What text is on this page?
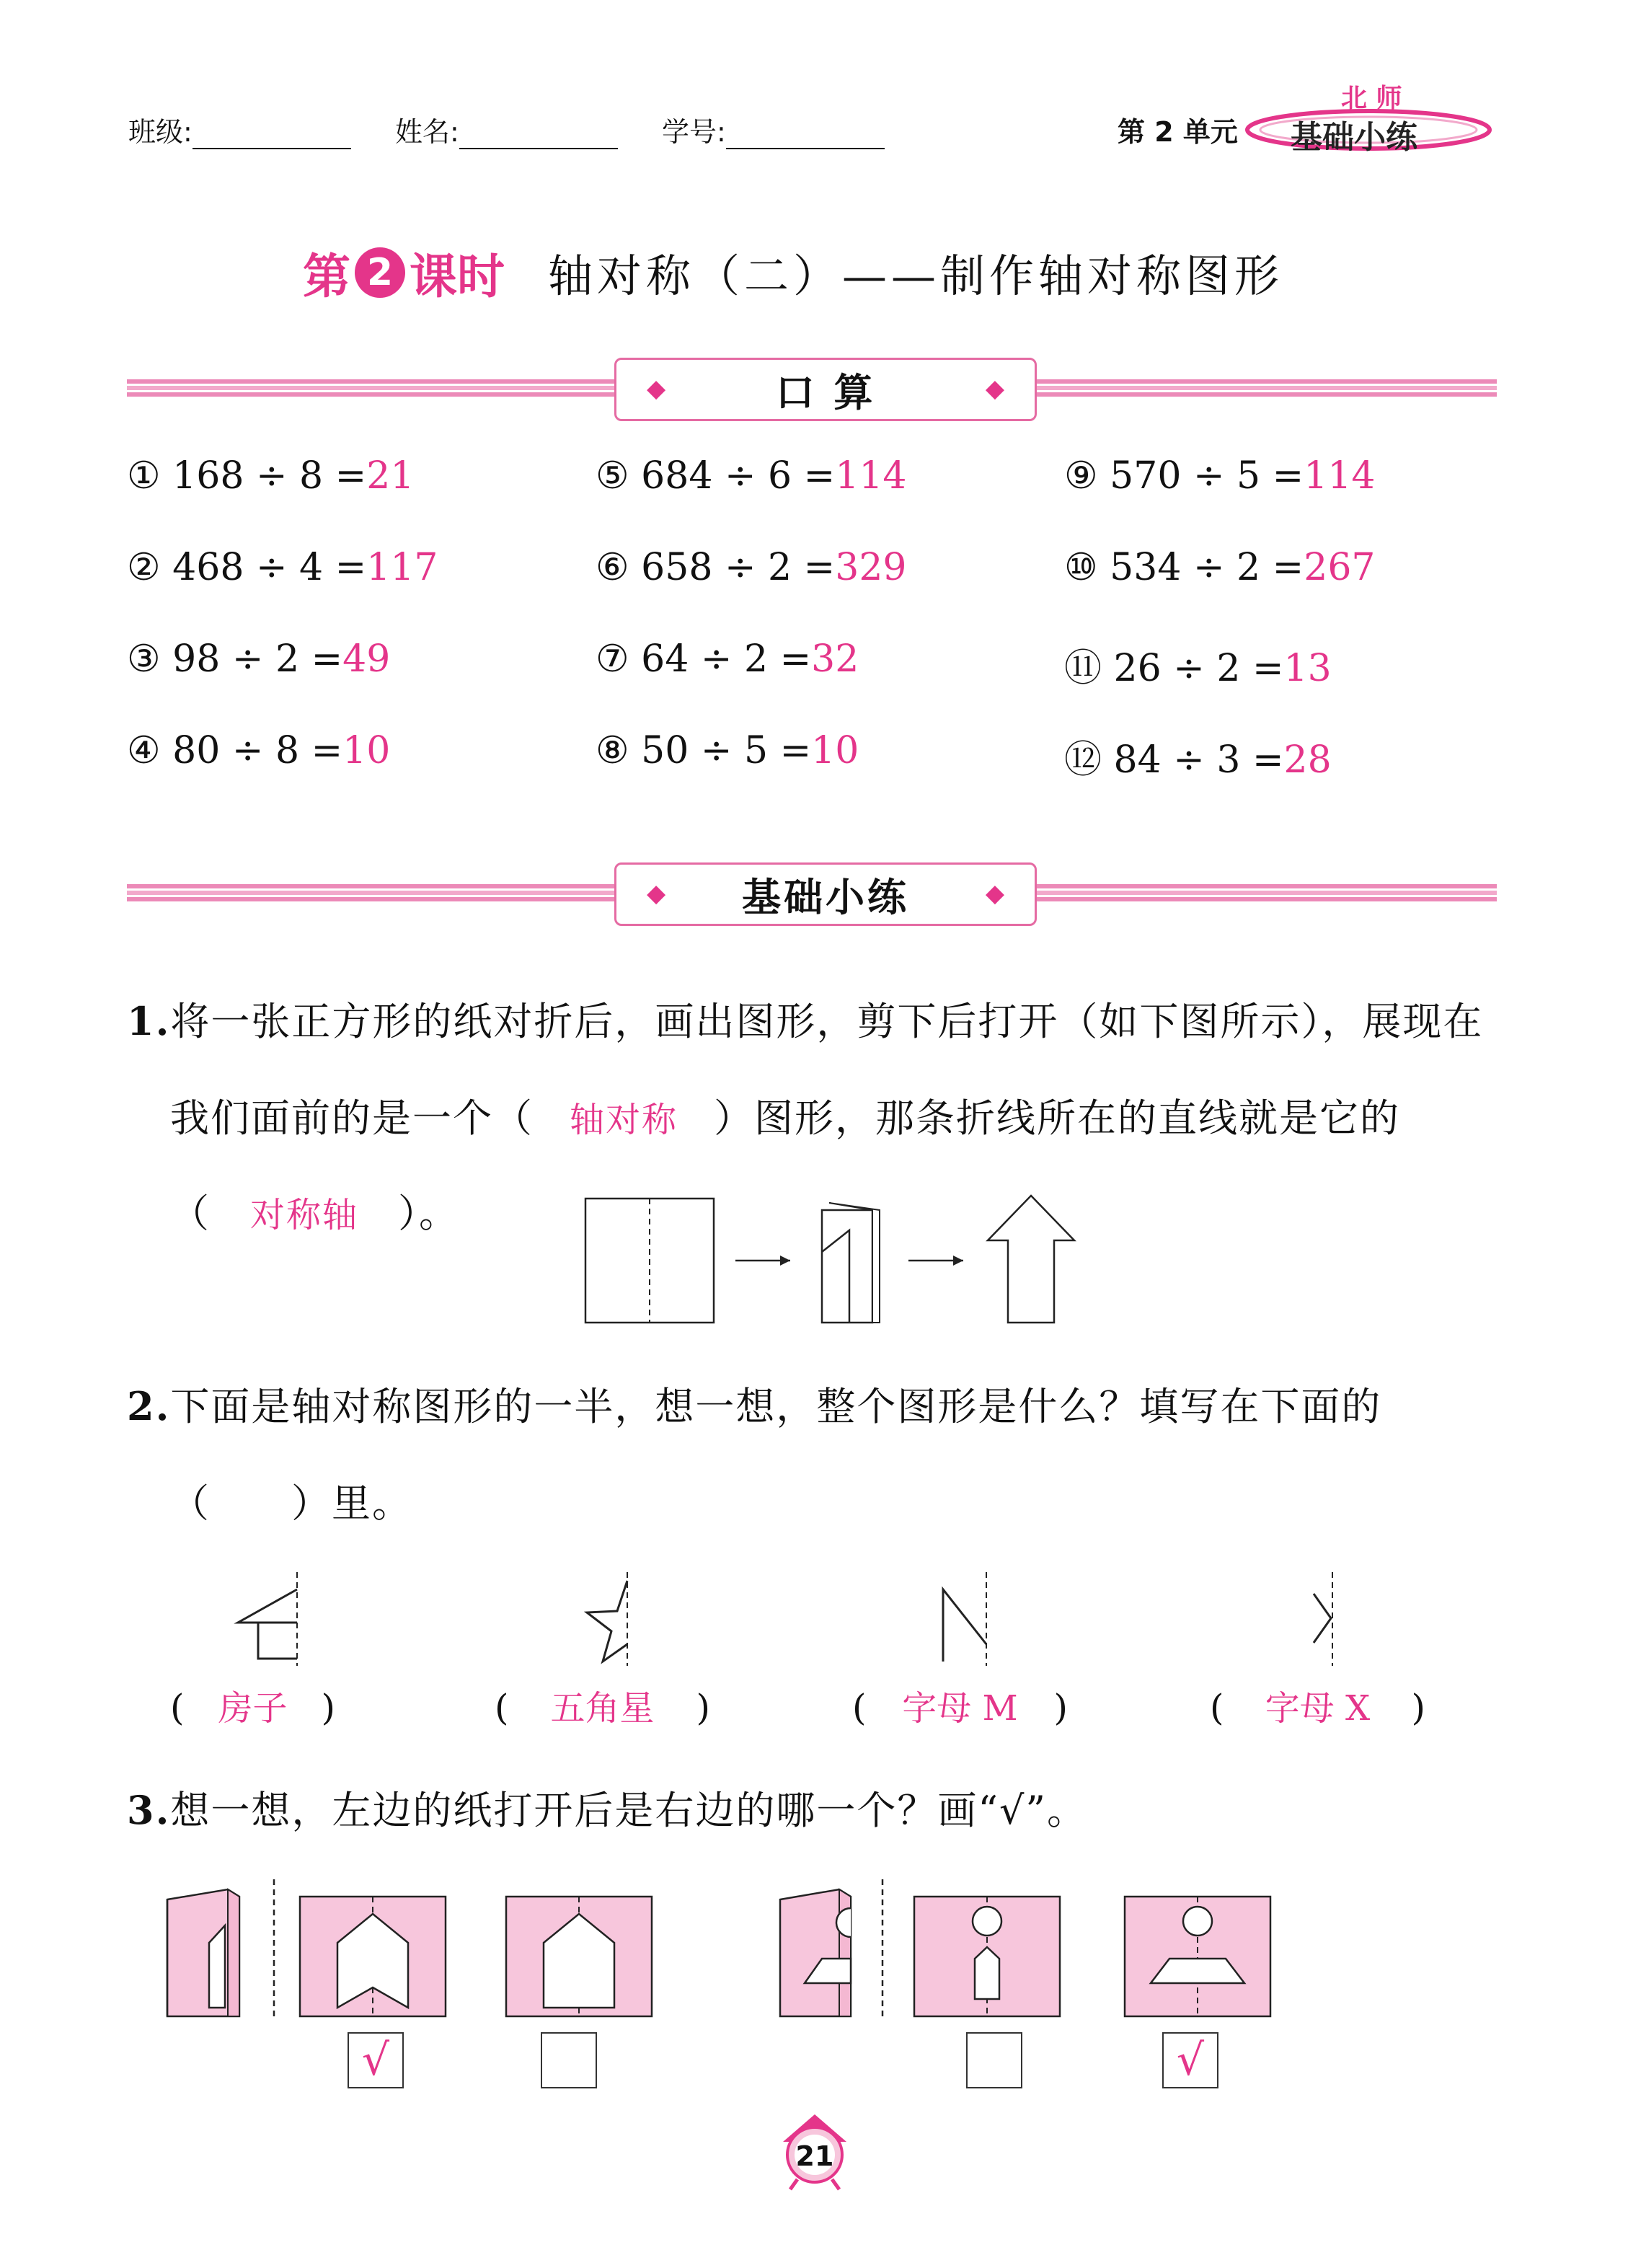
班级:	姓名:	学号:	第 2 单元
北 师
基础小练
第 2 课时 轴对称（二）——制作轴对称图形
◆	口 算	◆
① 168 ÷ 8 =21	⑤ 684 ÷ 6 =114	⑨ 570 ÷ 5 =114
② 468 ÷ 4 =117	⑥ 658 ÷ 2 =329	⑩ 534 ÷ 2 =267
③ 98 ÷ 2 =49	⑦ 64 ÷ 2 =32	⑪ 26 ÷ 2 =13
④ 80 ÷ 8 =10	⑧ 50 ÷ 5 =10	⑫ 84 ÷ 3 =28
◆ 基础小练	◆
1.将一张正方形的纸对折后，画出图形，剪下后打开（如下图所示），展现在
我们面前的是一个（ 轴对称 ）图形，那条折线所在的直线就是它的
（ 对称轴 ）。
2.下面是轴对称图形的一半，想一想，整个图形是什么？填写在下面的
（　　）里。
( 房子 )	( 五角星 )	( 字母 M )	( 字母 X )
3.想一想，左边的纸打开后是右边的哪一个？画“√”。
√	√
21
